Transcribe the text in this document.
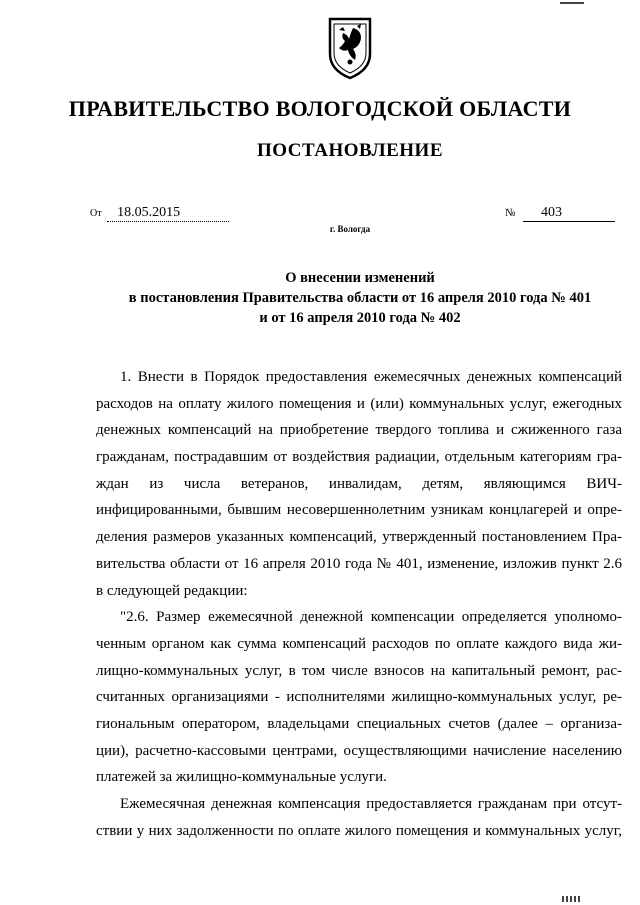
ПРАВИТЕЛЬСТВО ВОЛОГОДСКОЙ ОБЛАСТИ
ПОСТАНОВЛЕНИЕ
От 18.05.2015	№ 403
г. Вологда
О внесении изменений
в постановления Правительства области от 16 апреля 2010 года № 401
и от 16 апреля 2010 года № 402
1. Внести в Порядок предоставления ежемесячных денежных компенсаций
расходов на оплату жилого помещения и (или) коммунальных услуг, ежегодных
денежных компенсаций на приобретение твердого топлива и сжиженного газа
гражданам, пострадавшим от воздействия радиации, отдельным категориям гра-
ждан из числа ветеранов, инвалидам, детям, являющимся ВИЧ-
инфицированными, бывшим несовершеннолетним узникам концлагерей и опре-
деления размеров указанных компенсаций, утвержденный постановлением Пра-
вительства области от 16 апреля 2010 года № 401, изменение, изложив пункт 2.6
в следующей редакции:
"2.6. Размер ежемесячной денежной компенсации определяется уполномо-
ченным органом как сумма компенсаций расходов по оплате каждого вида жи-
лищно-коммунальных услуг, в том числе взносов на капитальный ремонт, рас-
считанных организациями - исполнителями жилищно-коммунальных услуг, ре-
гиональным оператором, владельцами специальных счетов (далее – организа-
ции), расчетно-кассовыми центрами, осуществляющими начисление населению
платежей за жилищно-коммунальные услуги.
Ежемесячная денежная компенсация предоставляется гражданам при отсут-
ствии у них задолженности по оплате жилого помещения и коммунальных услуг,
